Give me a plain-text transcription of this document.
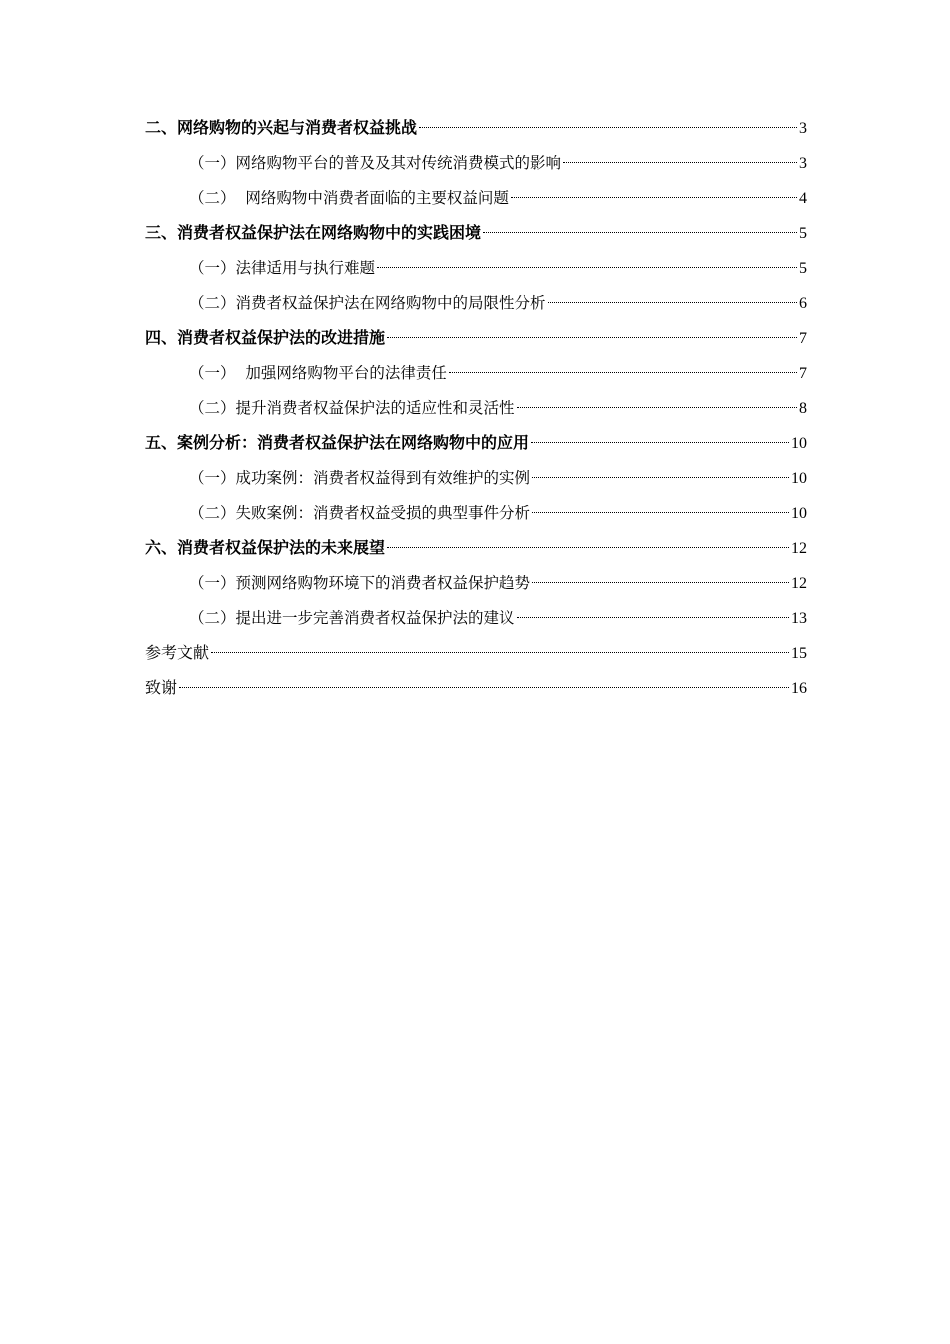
二、网络购物的兴起与消费者权益挑战	3
（一）网络购物平台的普及及其对传统消费模式的影响	3
（二）  网络购物中消费者面临的主要权益问题	4
三、消费者权益保护法在网络购物中的实践困境	5
（一）法律适用与执行难题	5
（二）消费者权益保护法在网络购物中的局限性分析	6
四、消费者权益保护法的改进措施	7
（一）  加强网络购物平台的法律责任	7
（二）提升消费者权益保护法的适应性和灵活性	8
五、案例分析：消费者权益保护法在网络购物中的应用	10
（一）成功案例：消费者权益得到有效维护的实例	10
（二）失败案例：消费者权益受损的典型事件分析	10
六、消费者权益保护法的未来展望	12
（一）预测网络购物环境下的消费者权益保护趋势	12
（二）提出进一步完善消费者权益保护法的建议	13
参考文献	15
致谢	16
